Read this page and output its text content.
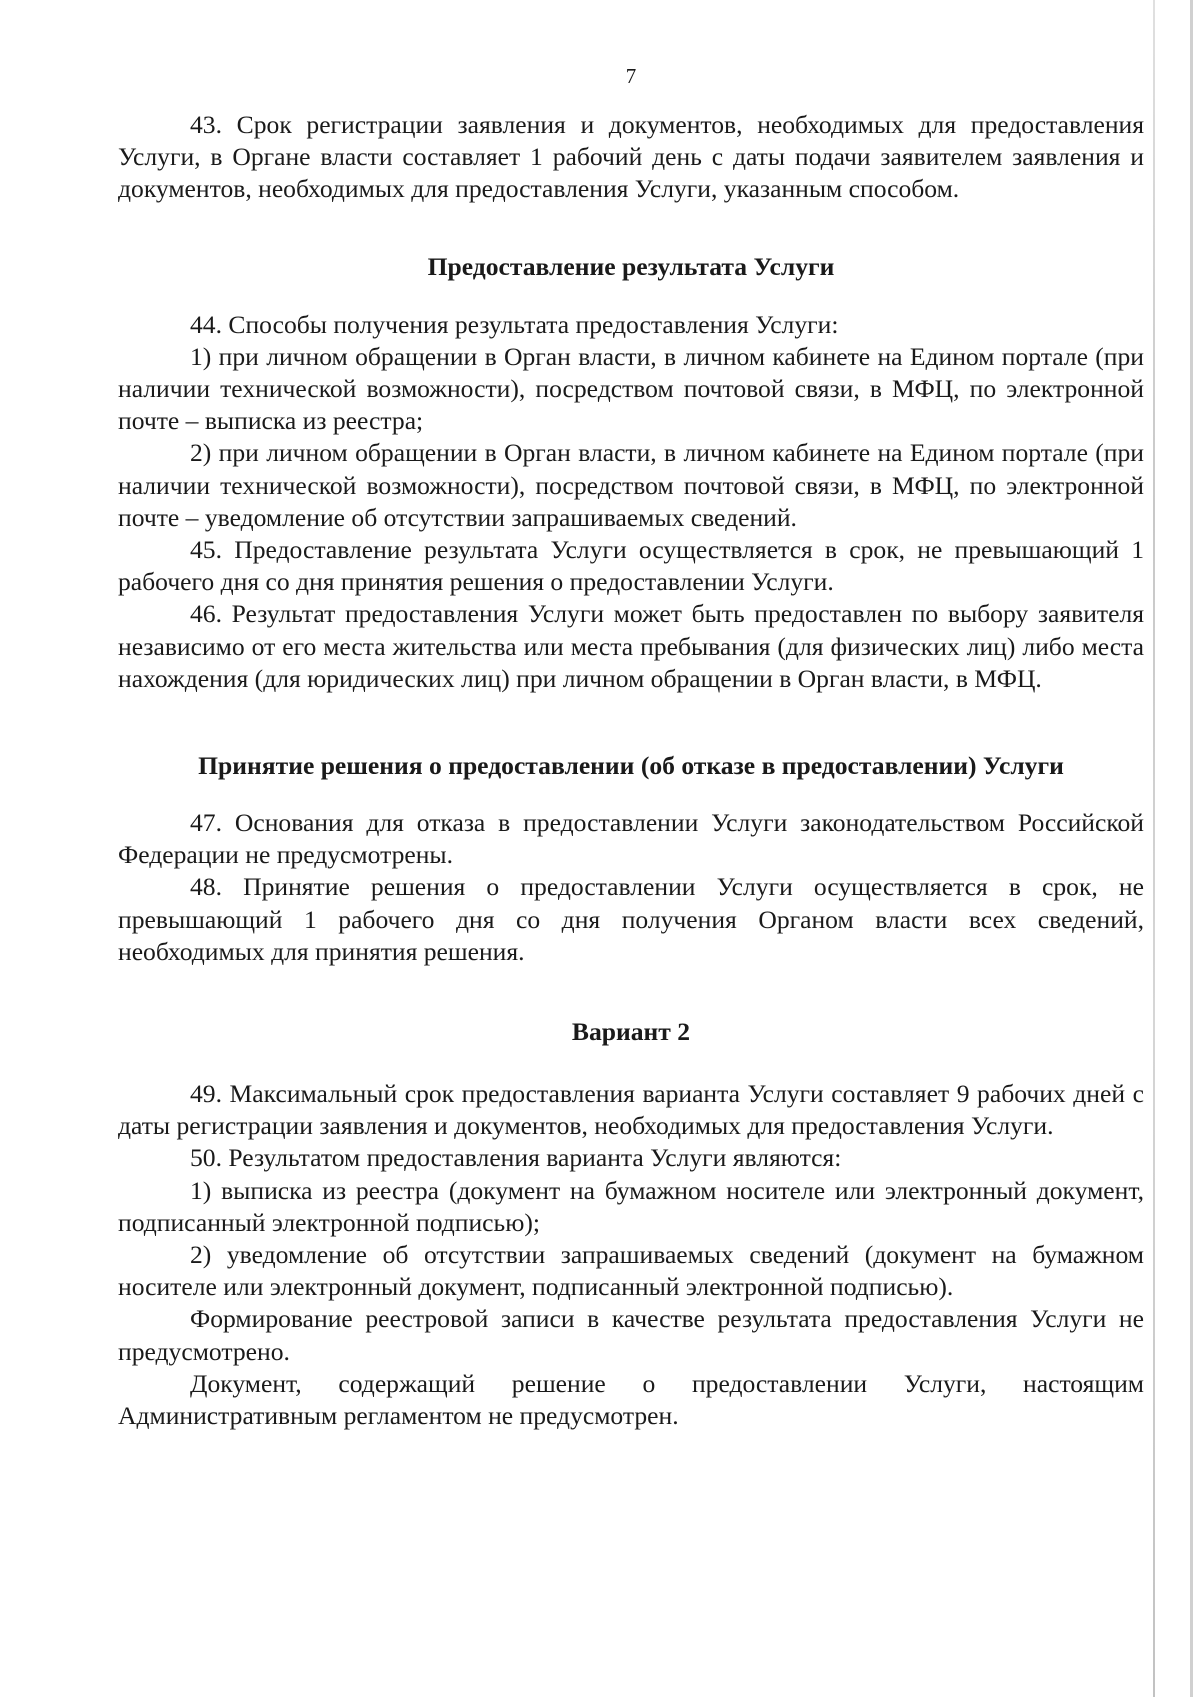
7

43. Срок регистрации заявления и документов, необходимых для предоставления Услуги, в Органе власти составляет 1 рабочий день с даты подачи заявителем заявления и документов, необходимых для предоставления Услуги, указанным способом.

Предоставление результата Услуги

44. Способы получения результата предоставления Услуги:

1) при личном обращении в Орган власти, в личном кабинете на Едином портале (при наличии технической возможности), посредством почтовой связи, в МФЦ, по электронной почте – выписка из реестра;

2) при личном обращении в Орган власти, в личном кабинете на Едином портале (при наличии технической возможности), посредством почтовой связи, в МФЦ, по электронной почте – уведомление об отсутствии запрашиваемых сведений.

45. Предоставление результата Услуги осуществляется в срок, не превышающий 1 рабочего дня со дня принятия решения о предоставлении Услуги.

46. Результат предоставления Услуги может быть предоставлен по выбору заявителя независимо от его места жительства или места пребывания (для физических лиц) либо места нахождения (для юридических лиц) при личном обращении в Орган власти, в МФЦ.

Принятие решения о предоставлении (об отказе в предоставлении) Услуги

47. Основания для отказа в предоставлении Услуги законодательством Российской Федерации не предусмотрены.

48. Принятие решения о предоставлении Услуги осуществляется в срок, не превышающий 1 рабочего дня со дня получения Органом власти всех сведений, необходимых для принятия решения.

Вариант 2

49. Максимальный срок предоставления варианта Услуги составляет 9 рабочих дней с даты регистрации заявления и документов, необходимых для предоставления Услуги.

50. Результатом предоставления варианта Услуги являются:

1) выписка из реестра (документ на бумажном носителе или электронный документ, подписанный электронной подписью);

2) уведомление об отсутствии запрашиваемых сведений (документ на бумажном носителе или электронный документ, подписанный электронной подписью).

Формирование реестровой записи в качестве результата предоставления Услуги не предусмотрено.

Документ, содержащий решение о предоставлении Услуги, настоящим Административным регламентом не предусмотрен.
